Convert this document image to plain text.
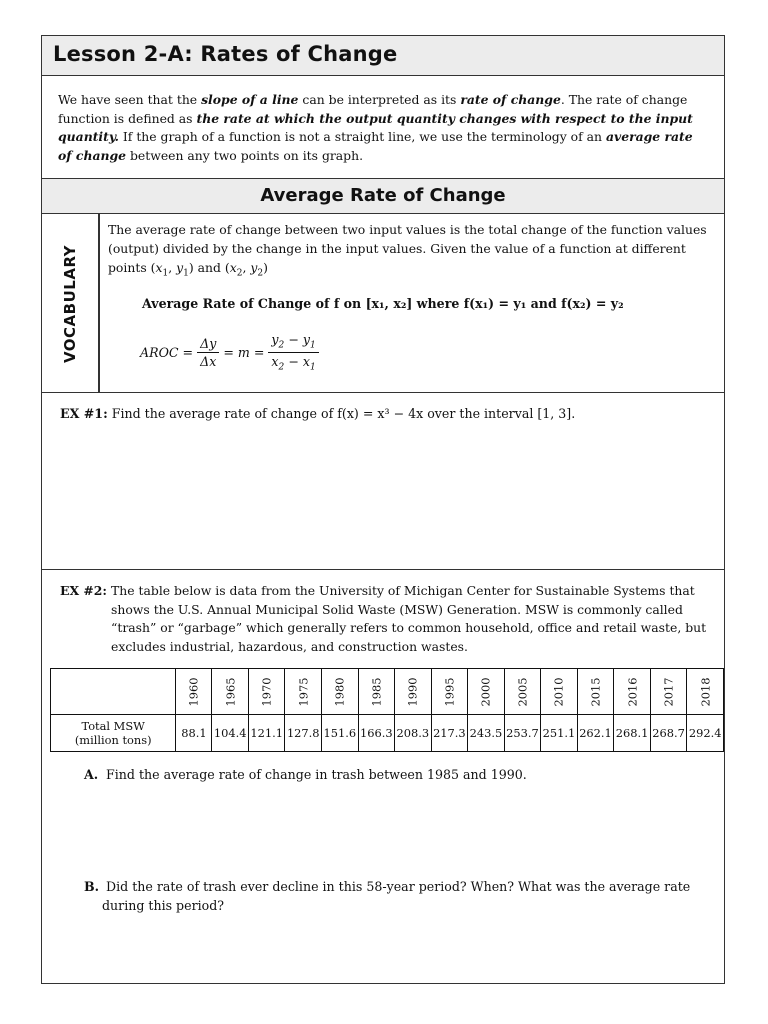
Lesson 2-A: Rates of Change
We have seen that the slope of a line can be interpreted as its rate of change. The rate of change function is defined as the rate at which the output quantity changes with respect to the input quantity. If the graph of a function is not a straight line, we use the terminology of an average rate of change between any two points on its graph.
Average Rate of Change
VOCABULARY
The average rate of change between two input values is the total change of the function values (output) divided by the change in the input values. Given the value of a function at different points ($x_1$, $y_1$) and ($x_2$, $y_2$)
Average Rate of Change of f on [x₁, x₂] where f(x₁) = y₁ and f(x₂) = y₂
AROC = $\frac{\Delta y}{\Delta x} = m = \frac{y_2 - y_1}{x_2 - x_1}$
EX #1: Find the average rate of change of f(x) = x³ − 4x over the interval [1, 3].
EX #2: The table below is data from the University of Michigan Center for Sustainable Systems that shows the U.S. Annual Municipal Solid Waste (MSW) Generation. MSW is commonly called “trash” or “garbage” which generally refers to common household, office and retail waste, but excludes industrial, hazardous, and construction wastes.
	1960	1965	1970	1975	1980	1985	1990	1995	2000	2005	2010	2015	2016	2017	2018
Total MSW
(million tons)	88.1	104.4	121.1	127.8	151.6	166.3	208.3	217.3	243.5	253.7	251.1	262.1	268.1	268.7	292.4
A. Find the average rate of change in trash between 1985 and 1990.
B. Did the rate of trash ever decline in this 58-year period? When? What was the average rate
during this period?
